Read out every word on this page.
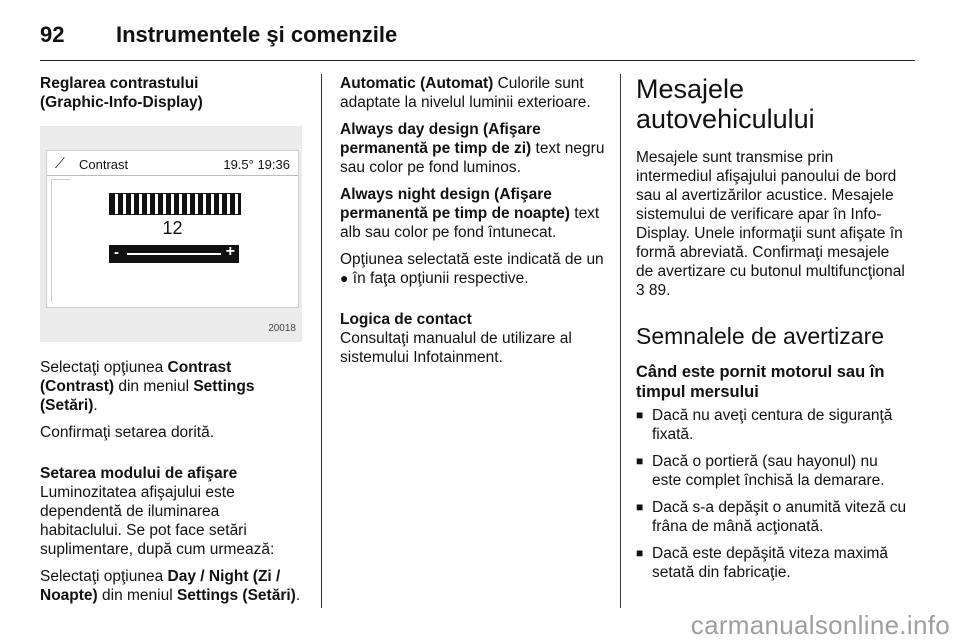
92 Instrumentele şi comenzile
Reglarea contrastului
(Graphic-Info-Display)
⟋ Contrast	19.5° 19:36
12
-	+
20018

Selectaţi opţiunea Contrast (Contrast) din meniul Settings (Setări).

Confirmaţi setarea dorită.

Setarea modului de afişare

Luminozitatea afişajului este dependentă de iluminarea habitaclului. Se pot face setări suplimentare, după cum urmează:

Selectaţi opţiunea Day / Night (Zi / Noapte) din meniul Settings (Setări).

Automatic (Automat) Culorile sunt adaptate la nivelul luminii exterioare.

Always day design (Afişare permanentă pe timp de zi) text negru sau color pe fond luminos.

Always night design (Afişare permanentă pe timp de noapte) text alb sau color pe fond întunecat.

Opţiunea selectată este indicată de un ● în faţa opţiunii respective.

Logica de contact

Consultaţi manualul de utilizare al sistemului Infotainment.

Mesajele
autovehiculului

Mesajele sunt transmise prin intermediul afişajului panoului de bord sau al avertizărilor acustice. Mesajele sistemului de verificare apar în Info-Display. Unele informaţii sunt afişate în formă abreviată. Confirmaţi mesajele de avertizare cu butonul multifuncţional 3 89.

Semnalele de avertizare
Când este pornit motorul sau în timpul mersului
■ Dacă nu aveţi centura de siguranţă fixată.
■ Dacă o portieră (sau hayonul) nu este complet închisă la demarare.
■ Dacă s-a depăşit o anumită viteză cu frâna de mână acţionată.
■ Dacă este depăşită viteza maximă setată din fabricaţie.
carmanualsonline.info
